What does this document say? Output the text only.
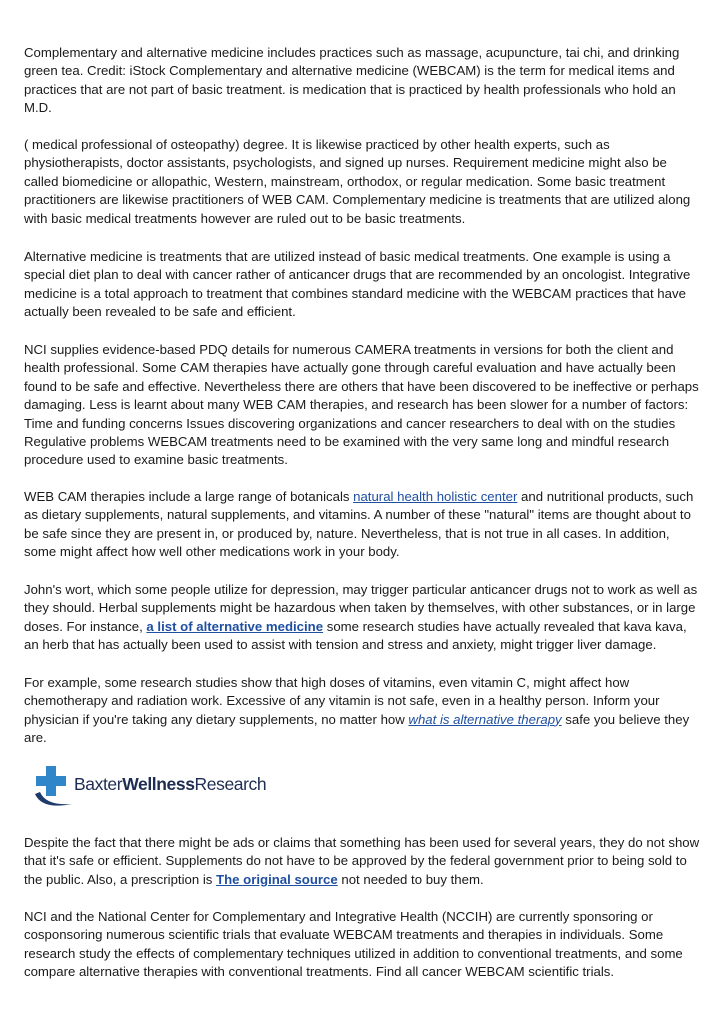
Complementary and alternative medicine includes practices such as massage, acupuncture, tai chi, and drinking green tea. Credit: iStock Complementary and alternative medicine (WEBCAM) is the term for medical items and practices that are not part of basic treatment. is medication that is practiced by health professionals who hold an M.D.

( medical professional of osteopathy) degree. It is likewise practiced by other health experts, such as physiotherapists, doctor assistants, psychologists, and signed up nurses. Requirement medicine might also be called biomedicine or allopathic, Western, mainstream, orthodox, or regular medication. Some basic treatment practitioners are likewise practitioners of WEB CAM. Complementary medicine is treatments that are utilized along with basic medical treatments however are ruled out to be basic treatments.

Alternative medicine is treatments that are utilized instead of basic medical treatments. One example is using a special diet plan to deal with cancer rather of anticancer drugs that are recommended by an oncologist. Integrative medicine is a total approach to treatment that combines standard medicine with the WEBCAM practices that have actually been revealed to be safe and efficient.

NCI supplies evidence-based PDQ details for numerous CAMERA treatments in versions for both the client and health professional. Some CAM therapies have actually gone through careful evaluation and have actually been found to be safe and effective. Nevertheless there are others that have been discovered to be ineffective or perhaps damaging. Less is learnt about many WEB CAM therapies, and research has been slower for a number of factors: Time and funding concerns Issues discovering organizations and cancer researchers to deal with on the studies Regulative problems WEBCAM treatments need to be examined with the very same long and mindful research procedure used to examine basic treatments.

WEB CAM therapies include a large range of botanicals natural health holistic center and nutritional products, such as dietary supplements, natural supplements, and vitamins. A number of these "natural" items are thought about to be safe since they are present in, or produced by, nature. Nevertheless, that is not true in all cases. In addition, some might affect how well other medications work in your body.

John's wort, which some people utilize for depression, may trigger particular anticancer drugs not to work as well as they should. Herbal supplements might be hazardous when taken by themselves, with other substances, or in large doses. For instance, a list of alternative medicine some research studies have actually revealed that kava kava, an herb that has actually been used to assist with tension and stress and anxiety, might trigger liver damage.

For example, some research studies show that high doses of vitamins, even vitamin C, might affect how chemotherapy and radiation work. Excessive of any vitamin is not safe, even in a healthy person. Inform your physician if you're taking any dietary supplements, no matter how what is alternative therapy safe you believe they are.

BaxterWellnessResearch

Despite the fact that there might be ads or claims that something has been used for several years, they do not show that it's safe or efficient. Supplements do not have to be approved by the federal government prior to being sold to the public. Also, a prescription is The original source not needed to buy them.

NCI and the National Center for Complementary and Integrative Health (NCCIH) are currently sponsoring or cosponsoring numerous scientific trials that evaluate WEBCAM treatments and therapies in individuals. Some research study the effects of complementary techniques utilized in addition to conventional treatments, and some compare alternative therapies with conventional treatments. Find all cancer WEBCAM scientific trials.
